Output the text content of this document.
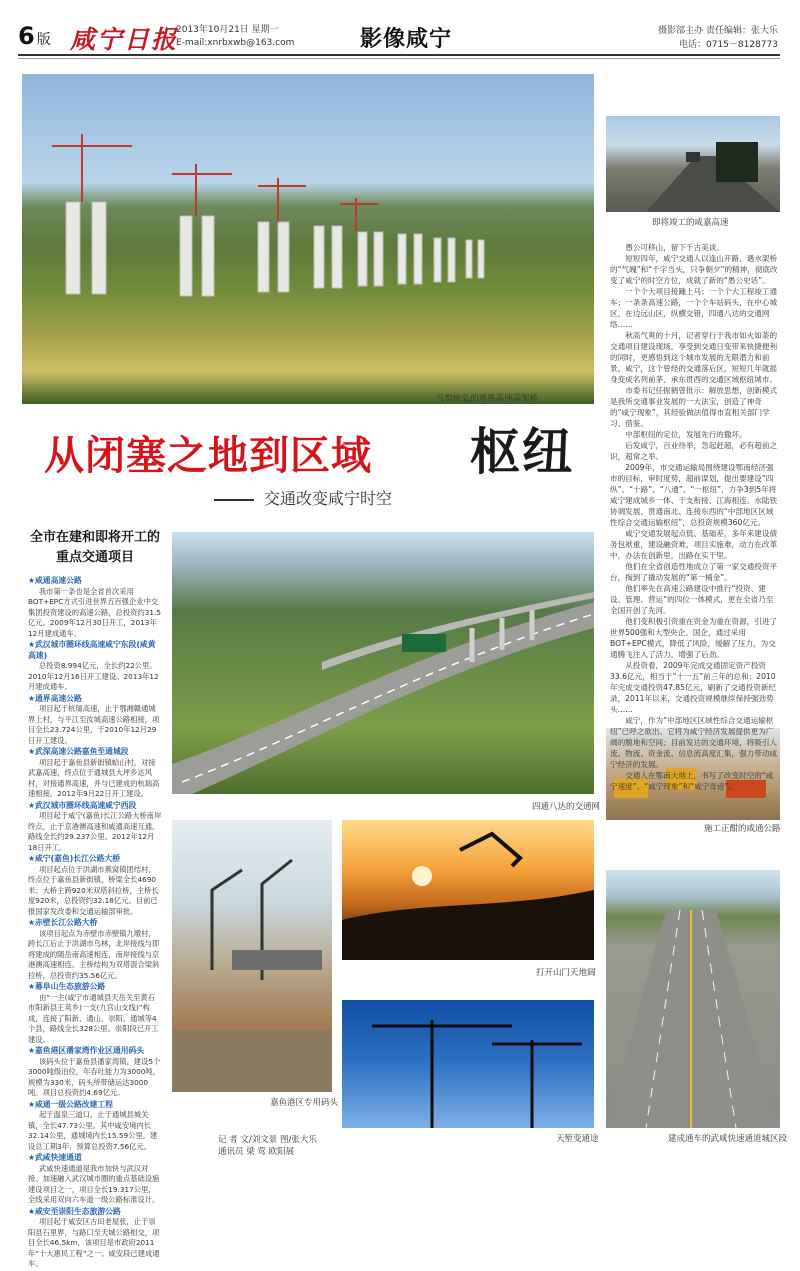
6 版 咸宁日报
2013年10月21日 星期一
E-mail:xnrbxwb@163.com	影像咸宁	摄影部主办 责任编辑：张大乐
电话：0715－8128773
气势恢弘的通界高速高架桥
即将竣工的咸嘉高速
四通八达的交通网
施工正酣的咸通公路
嘉鱼港区专用码头
打开山门天地阔
天堑变通途	建成通车的武咸快速通道城区段
从闭塞之地到区域 枢纽
交通改变咸宁时空

愚公可移山，留下千古美谈。

短短四年，咸宁交通人以逢山开路、遇水架桥的“气魄”和“千字当头，只争朝夕”的精神，彻底改变了咸宁的时空方位，成就了新的“愚公史话”。

一个个大项目接踵上马；一个个大工程竣工通车；一条条高速公路，一个个车站码头，在中心城区，在边远山区，纵横交错，四通八达的交通网络……

秋高气爽的十月，记者穿行于我市如火如荼的交通项目建设现场，享受到交通日变带来快捷便利的同时，更感悟到这个城市发展的无限潜力和前景。咸宁，这个曾经的交通落后区，短短几年就摇身变成名列前茅、承东贯西的交通区域枢纽城市。

市委书记任振鹤曾批示：解放思想，创新模式是我所交通事业发展的一大法宝，创造了神奇的“咸宁现象”，其经验做法值得市直相关部门学习、借鉴。

中部枢纽的定位，发展先行的撒坏。

后发咸宁，百业待举，急起赶超，必有超前之识，超常之举。

2009年，市交通运输局围绕建设鄂南经济强市的目标，审时度势，超前谋划，提出要建设“四纵”、“十路”、“八通”、“一枢纽”，力争3到5年将咸宁建成城乡一体、干支衔接、江海相连、水陆铁协调发展、贯通南北、连接东西的“中部地区区域性综合交通运输枢纽”，总投资规模360亿元。

咸宁交通发展起点低、基础差，多年来建设债务包袱重，建设融资难，项目实施难，动力在改革中，办法在创新里，出路在实干里。

他们在全省创造性地成立了第一家交通投资平台，掏到了撬动发展的“第一桶金”。

他们率先在高速公路建设中推行“投资、建设、管理、营运”的四位一体模式，更在全省乃至全国开创了先河。

他们变积极引资重在资金为重在资源，引进了世界500强和大型央企、国企，通过采用BOT+EPC模式，降低了风险，缓解了压力，为交通腾飞注入了活力，增强了后劲。

从投资看，2009年完成交通固定资产投资33.6亿元，相当于“十一五”前三年的总和；2010年完成交通投资47.85亿元，刷新了交通投资新纪录，2011年以来，交通投资规模继续保持强劲势头……

咸宁，作为“中部地区区域性综合交通运输枢纽”已呼之欲出。它将为咸宁经济发展提供更为广阔的腹地和空间；目前发达的交通环境，将吸引人流、物流、资金流、信息流高度汇集，强力带动咸宁经济的发展。

交通人在鄂南大地上，书写了改变时空的“咸宁速度”、“咸宁现象”和“咸宁奇迹”。

全市在建和即将开工的重点交通项目
★咸通高速公路

我市第一条也是全省首次采用BOT+EPC方式引进世界五百强企业中交集团投资建设的高速公路，总投资约31.5亿元。2009年12月30日开工，2013年12月建成通车。

★武汉城市圈环线高速咸宁东段(咸黄高速)

总投资8.994亿元，全长约22公里。2010年12月16日开工建设。2013年12月建成通车。

★通界高速公路

项目起于杭瑞高速，止于鄂湘赣通城界上村，与平江至汝城高速公路相接，项目全长23.724公里，于2010年12月29日开工建设。

★武深高速公路嘉鱼至通城段

项目起于嘉鱼县新街镇蛤山村，对接武嘉高速，终点位于通城县大坪乡达风村，对接通界高速，并与已建成的杭瑞高速相接。2012年9月22日开工建设。

★武汉城市圈环线高速咸宁西段

项目起于咸宁(嘉鱼)长江公路大桥南岸终点，止于京港澳高速和咸通高速互通。路线全长约29.237公里。2012年12月18日开工。

★咸宁(嘉鱼)长江公路大桥

项目起点位于洪湖市燕窝镇团结村，终点位于嘉鱼县新街镇，桥梁全长4690米；大桥主跨920米双塔斜拉桥，主桥长度920米，总投资约32.18亿元。目前已报国家发改委和交通运输部审批。

★赤壁长江公路大桥

该项目起点为赤壁市赤壁镇九墩村，跨长江后止于洪湖市乌林，北岸接线与即将建成的随岳南高速相连，南岸接线与京港澳高速相连。主桥结构为双塔混合梁斜拉桥，总投资约35.56亿元。

★幕阜山生态旅游公路

由“一主(咸宁市通城县天岳关至黄石市阳新县王英乡)一支(九宫山支线)”构成，连接了阳新、通山、崇阳、通城等4个县，路线全长328公里。崇阳段已开工建设。

★嘉鱼港区潘家湾作业区通用码头

该码头位于嘉鱼县潘家湾镇，建设5个3000吨级泊位，年吞吐能力为3000吨，规模为330米，码头所带储运达3000吨。项目总投资约4.69亿元。

★咸通一级公路改建工程

起于温泉三道口，止于通城县城关镇，全长47.73公里。其中咸安境内长32.14公里，通城境内长15.59公里。建设总工期3年，预算总投资7.56亿元。

★武咸快速通道

武咸快速通道是我市加快与武汉对接、加速融入武汉城市圈的重点基础设施建设项目之一，项目全长19.317公里，全线采用双向六车道一级公路标准设计。

★咸安至崇阳生态旅游公路

项目起于咸安区古田老屋张，止于崇阳县石里界，与路口至天城公路相交，项目全长46.5km，该项目是市政府2011年“十大惠民工程”之一。咸安段已建成通车。

记 者 文/刘文景 图/张大乐
通讯员 梁 莺 欧阳展
